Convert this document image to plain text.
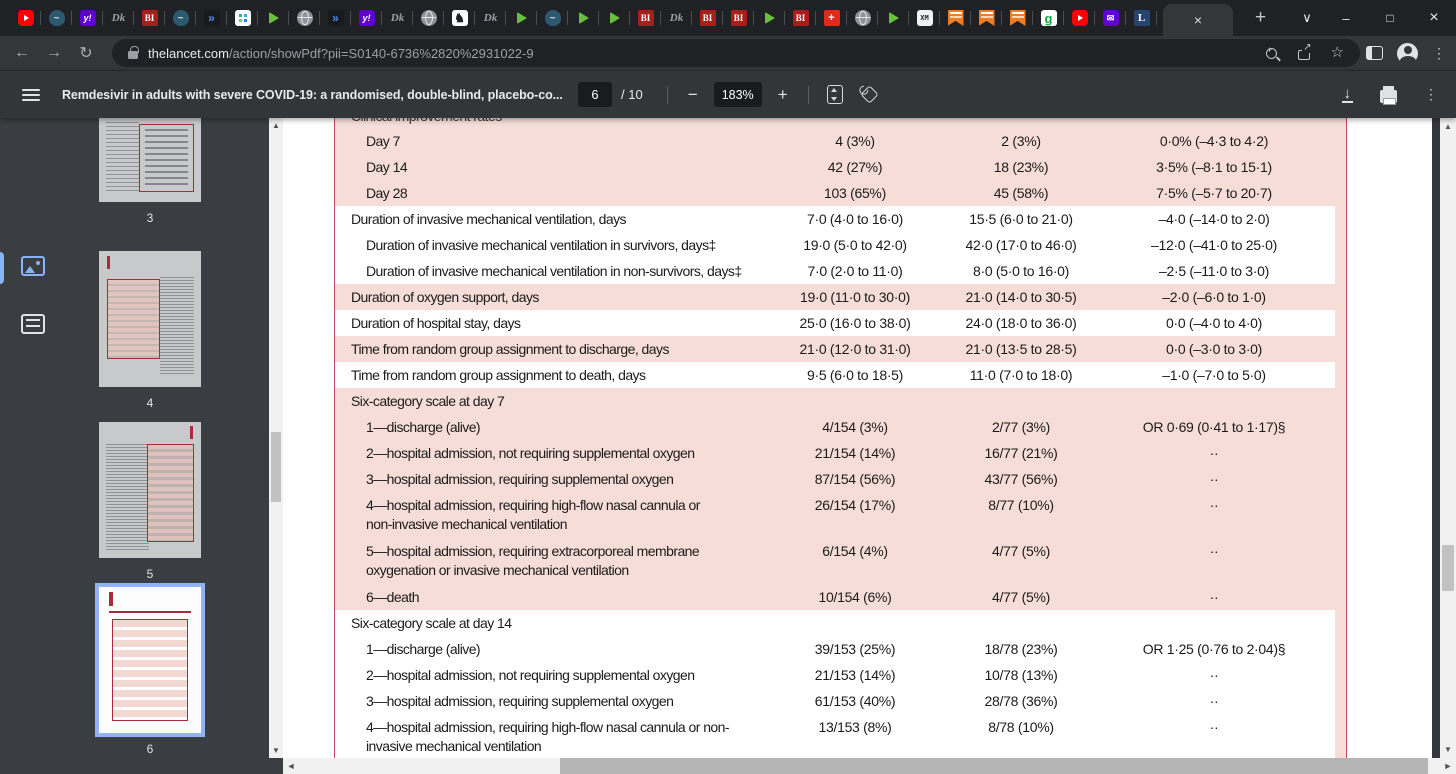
~
y!	Dk	BI ~	»	»	y!	Dk	♞ Dk ~	BI Dk	BI	BI	BI	+	XM	g	✉	L	×	+	∨	–	□	×
←	→	↻	thelancet.com/action/showPdf?pii=S0140-6736%2820%2931022-9 + ↗	☆	⋮
Remdesivir in adults with severe COVID-19: a randomised, double-blind, placebo-co...	6	/ 10	−	183%	+	↓	⋮
3
4
5
6
▲
▼
Day 7	4 (3%)	2 (3%)	0·0% (–4·3 to 4·2)
Day 14	42 (27%)	18 (23%)	3·5% (–8·1 to 15·1)
Day 28	103 (65%)	45 (58%)	7·5% (–5·7 to 20·7)
Duration of invasive mechanical ventilation, days	7·0 (4·0 to 16·0)	15·5 (6·0 to 21·0)	–4·0 (–14·0 to 2·0)
Duration of invasive mechanical ventilation in survivors, days‡	19·0 (5·0 to 42·0)	42·0 (17·0 to 46·0)	–12·0 (–41·0 to 25·0)
Duration of invasive mechanical ventilation in non-survivors, days‡	7·0 (2·0 to 11·0)	8·0 (5·0 to 16·0)	–2·5 (–11·0 to 3·0)
Duration of oxygen support, days	19·0 (11·0 to 30·0)	21·0 (14·0 to 30·5)	–2·0 (–6·0 to 1·0)
Duration of hospital stay, days	25·0 (16·0 to 38·0)	24·0 (18·0 to 36·0)	0·0 (–4·0 to 4·0)
Time from random group assignment to discharge, days	21·0 (12·0 to 31·0)	21·0 (13·5 to 28·5)	0·0 (–3·0 to 3·0)
Time from random group assignment to death, days	9·5 (6·0 to 18·5)	11·0 (7·0 to 18·0)	–1·0 (–7·0 to 5·0)
Six-category scale at day 7
1—discharge (alive)	4/154 (3%)	2/77 (3%)	OR 0·69 (0·41 to 1·17)§
2—hospital admission, not requiring supplemental oxygen	21/154 (14%)	16/77 (21%)	··
3—hospital admission, requiring supplemental oxygen	87/154 (56%)	43/77 (56%)	··
4—hospital admission, requiring high-flow nasal cannula or
non-invasive mechanical ventilation
26/154 (17%)	8/77 (10%)	··
5—hospital admission, requiring extracorporeal membrane
oxygenation or invasive mechanical ventilation
6/154 (4%)	4/77 (5%)	··
6—death	10/154 (6%)	4/77 (5%)	··
Six-category scale at day 14
1—discharge (alive)	39/153 (25%)	18/78 (23%)	OR 1·25 (0·76 to 2·04)§
2—hospital admission, not requiring supplemental oxygen	21/153 (14%)	10/78 (13%)	··
3—hospital admission, requiring supplemental oxygen	61/153 (40%)	28/78 (36%)	··
4—hospital admission, requiring high-flow nasal cannula or non-
invasive mechanical ventilation
13/153 (8%)	8/78 (10%)	··
▲
▼
◄	►
